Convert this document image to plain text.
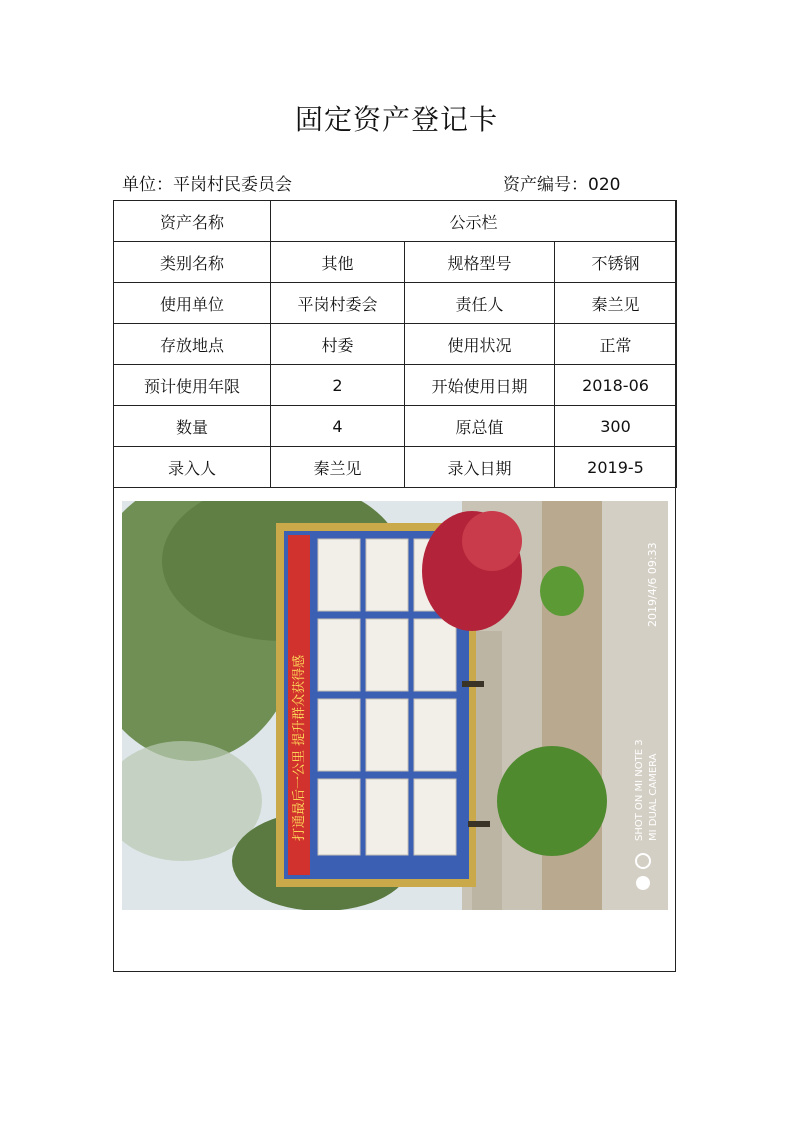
固定资产登记卡
单位：平岗村民委员会	资产编号：020
资产名称	公示栏		
类别名称	其他	规格型号	不锈钢
使用单位	平岗村委会	责任人	秦兰见
存放地点	村委	使用状况	正常
预计使用年限	2	开始使用日期	2018-06
数量	4	原总值	300
录入人	秦兰见	录入日期	2019-5
打通最后一公里 提升群众获得感
2019/4/6 09:33
SHOT ON MI NOTE 3 MI DUAL CAMERA
